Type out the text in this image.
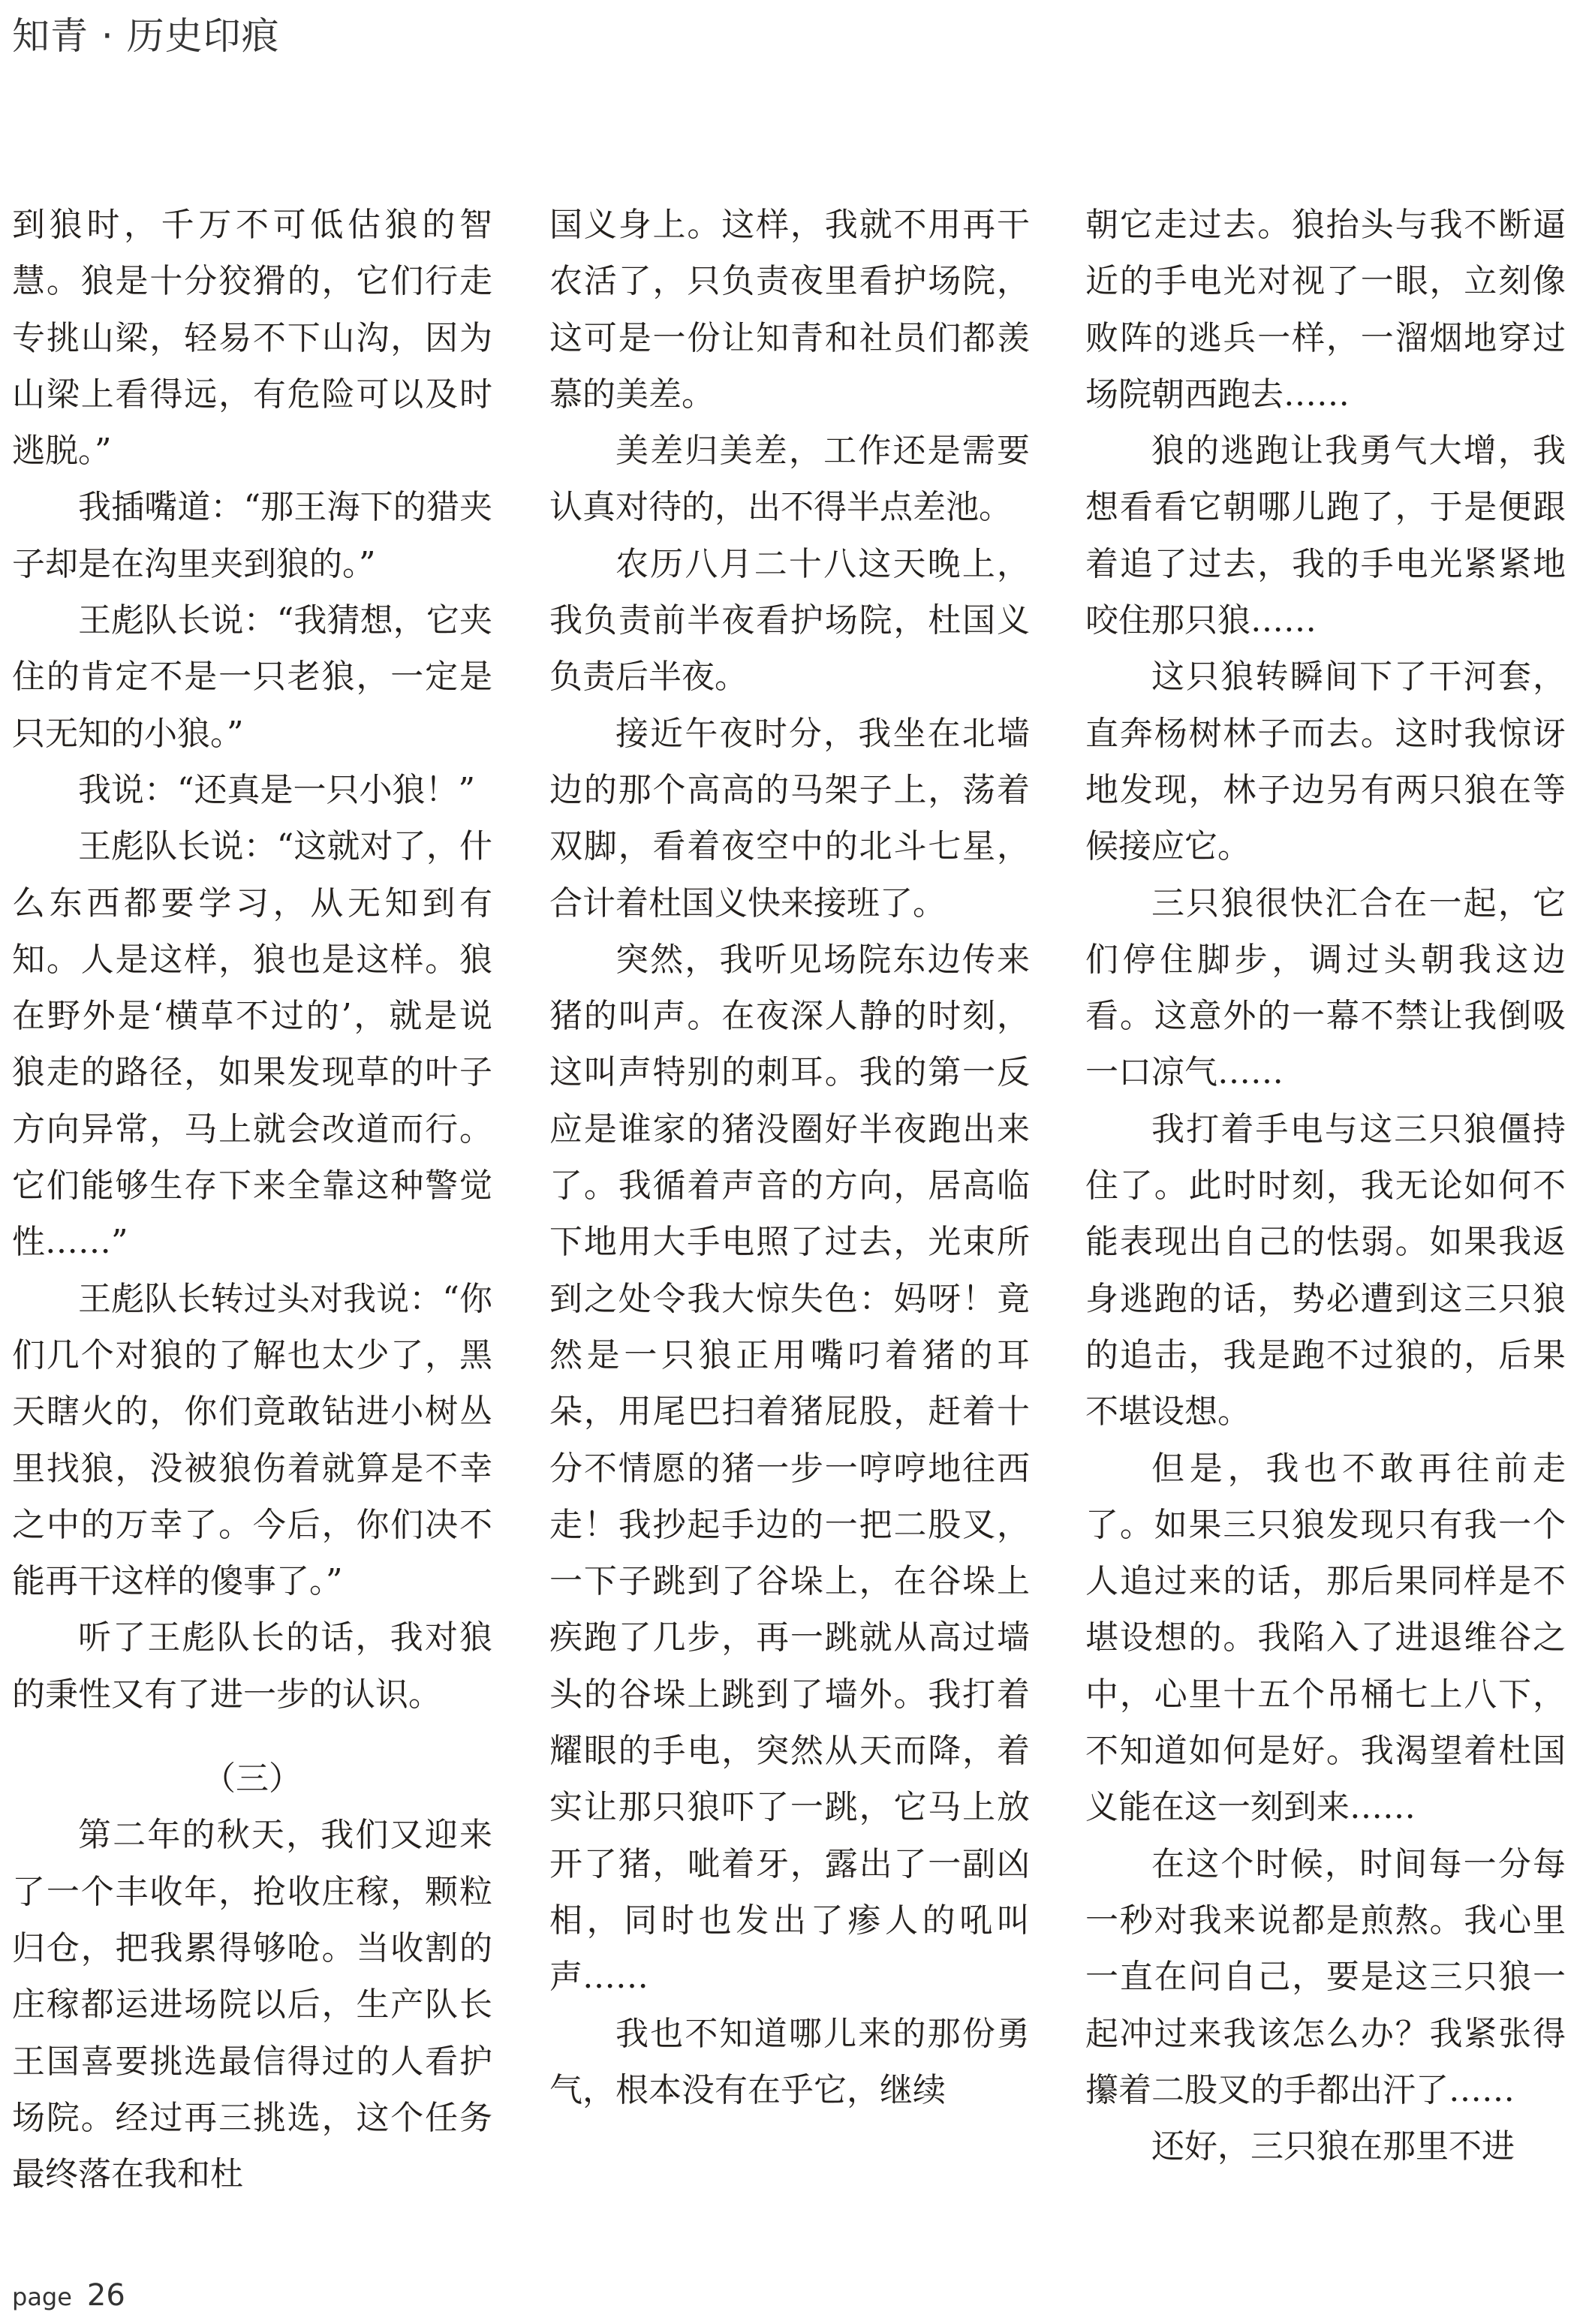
知青 · 历史印痕

到狼时，千万不可低估狼的智慧。狼是十分狡猾的，它们行走专挑山梁，轻易不下山沟，因为山梁上看得远，有危险可以及时逃脱。”

我插嘴道：“那王海下的猎夹子却是在沟里夹到狼的。”

王彪队长说：“我猜想，它夹住的肯定不是一只老狼，一定是只无知的小狼。”

我说：“还真是一只小狼！”

王彪队长说：“这就对了，什么东西都要学习，从无知到有知。人是这样，狼也是这样。狼在野外是‘横草不过的’，就是说狼走的路径，如果发现草的叶子方向异常，马上就会改道而行。它们能够生存下来全靠这种警觉性……”

王彪队长转过头对我说：“你们几个对狼的了解也太少了，黑天瞎火的，你们竟敢钻进小树丛里找狼，没被狼伤着就算是不幸之中的万幸了。今后，你们决不能再干这样的傻事了。”

听了王彪队长的话，我对狼的秉性又有了进一步的认识。

（三）

第二年的秋天，我们又迎来了一个丰收年，抢收庄稼，颗粒归仓，把我累得够呛。当收割的庄稼都运进场院以后，生产队长王国喜要挑选最信得过的人看护场院。经过再三挑选，这个任务最终落在我和杜

国义身上。这样，我就不用再干农活了，只负责夜里看护场院，这可是一份让知青和社员们都羡慕的美差。

美差归美差，工作还是需要认真对待的，出不得半点差池。

农历八月二十八这天晚上，我负责前半夜看护场院，杜国义负责后半夜。

接近午夜时分，我坐在北墙边的那个高高的马架子上，荡着双脚，看着夜空中的北斗七星，合计着杜国义快来接班了。

突然，我听见场院东边传来猪的叫声。在夜深人静的时刻，这叫声特别的刺耳。我的第一反应是谁家的猪没圈好半夜跑出来了。我循着声音的方向，居高临下地用大手电照了过去，光束所到之处令我大惊失色：妈呀！竟然是一只狼正用嘴叼着猪的耳朵，用尾巴扫着猪屁股，赶着十分不情愿的猪一步一哼哼地往西走！我抄起手边的一把二股叉，一下子跳到了谷垛上，在谷垛上疾跑了几步，再一跳就从高过墙头的谷垛上跳到了墙外。我打着耀眼的手电，突然从天而降，着实让那只狼吓了一跳，它马上放开了猪，呲着牙，露出了一副凶相，同时也发出了瘆人的吼叫声……

我也不知道哪儿来的那份勇气，根本没有在乎它，继续

朝它走过去。狼抬头与我不断逼近的手电光对视了一眼，立刻像败阵的逃兵一样，一溜烟地穿过场院朝西跑去……

狼的逃跑让我勇气大增，我想看看它朝哪儿跑了，于是便跟着追了过去，我的手电光紧紧地咬住那只狼……

这只狼转瞬间下了干河套，直奔杨树林子而去。这时我惊讶地发现，林子边另有两只狼在等候接应它。

三只狼很快汇合在一起，它们停住脚步，调过头朝我这边看。这意外的一幕不禁让我倒吸一口凉气……

我打着手电与这三只狼僵持住了。此时时刻，我无论如何不能表现出自己的怯弱。如果我返身逃跑的话，势必遭到这三只狼的追击，我是跑不过狼的，后果不堪设想。

但是，我也不敢再往前走了。如果三只狼发现只有我一个人追过来的话，那后果同样是不堪设想的。我陷入了进退维谷之中，心里十五个吊桶七上八下，不知道如何是好。我渴望着杜国义能在这一刻到来……

在这个时候，时间每一分每一秒对我来说都是煎熬。我心里一直在问自己，要是这三只狼一起冲过来我该怎么办？我紧张得攥着二股叉的手都出汗了……

还好，三只狼在那里不进

page 26
